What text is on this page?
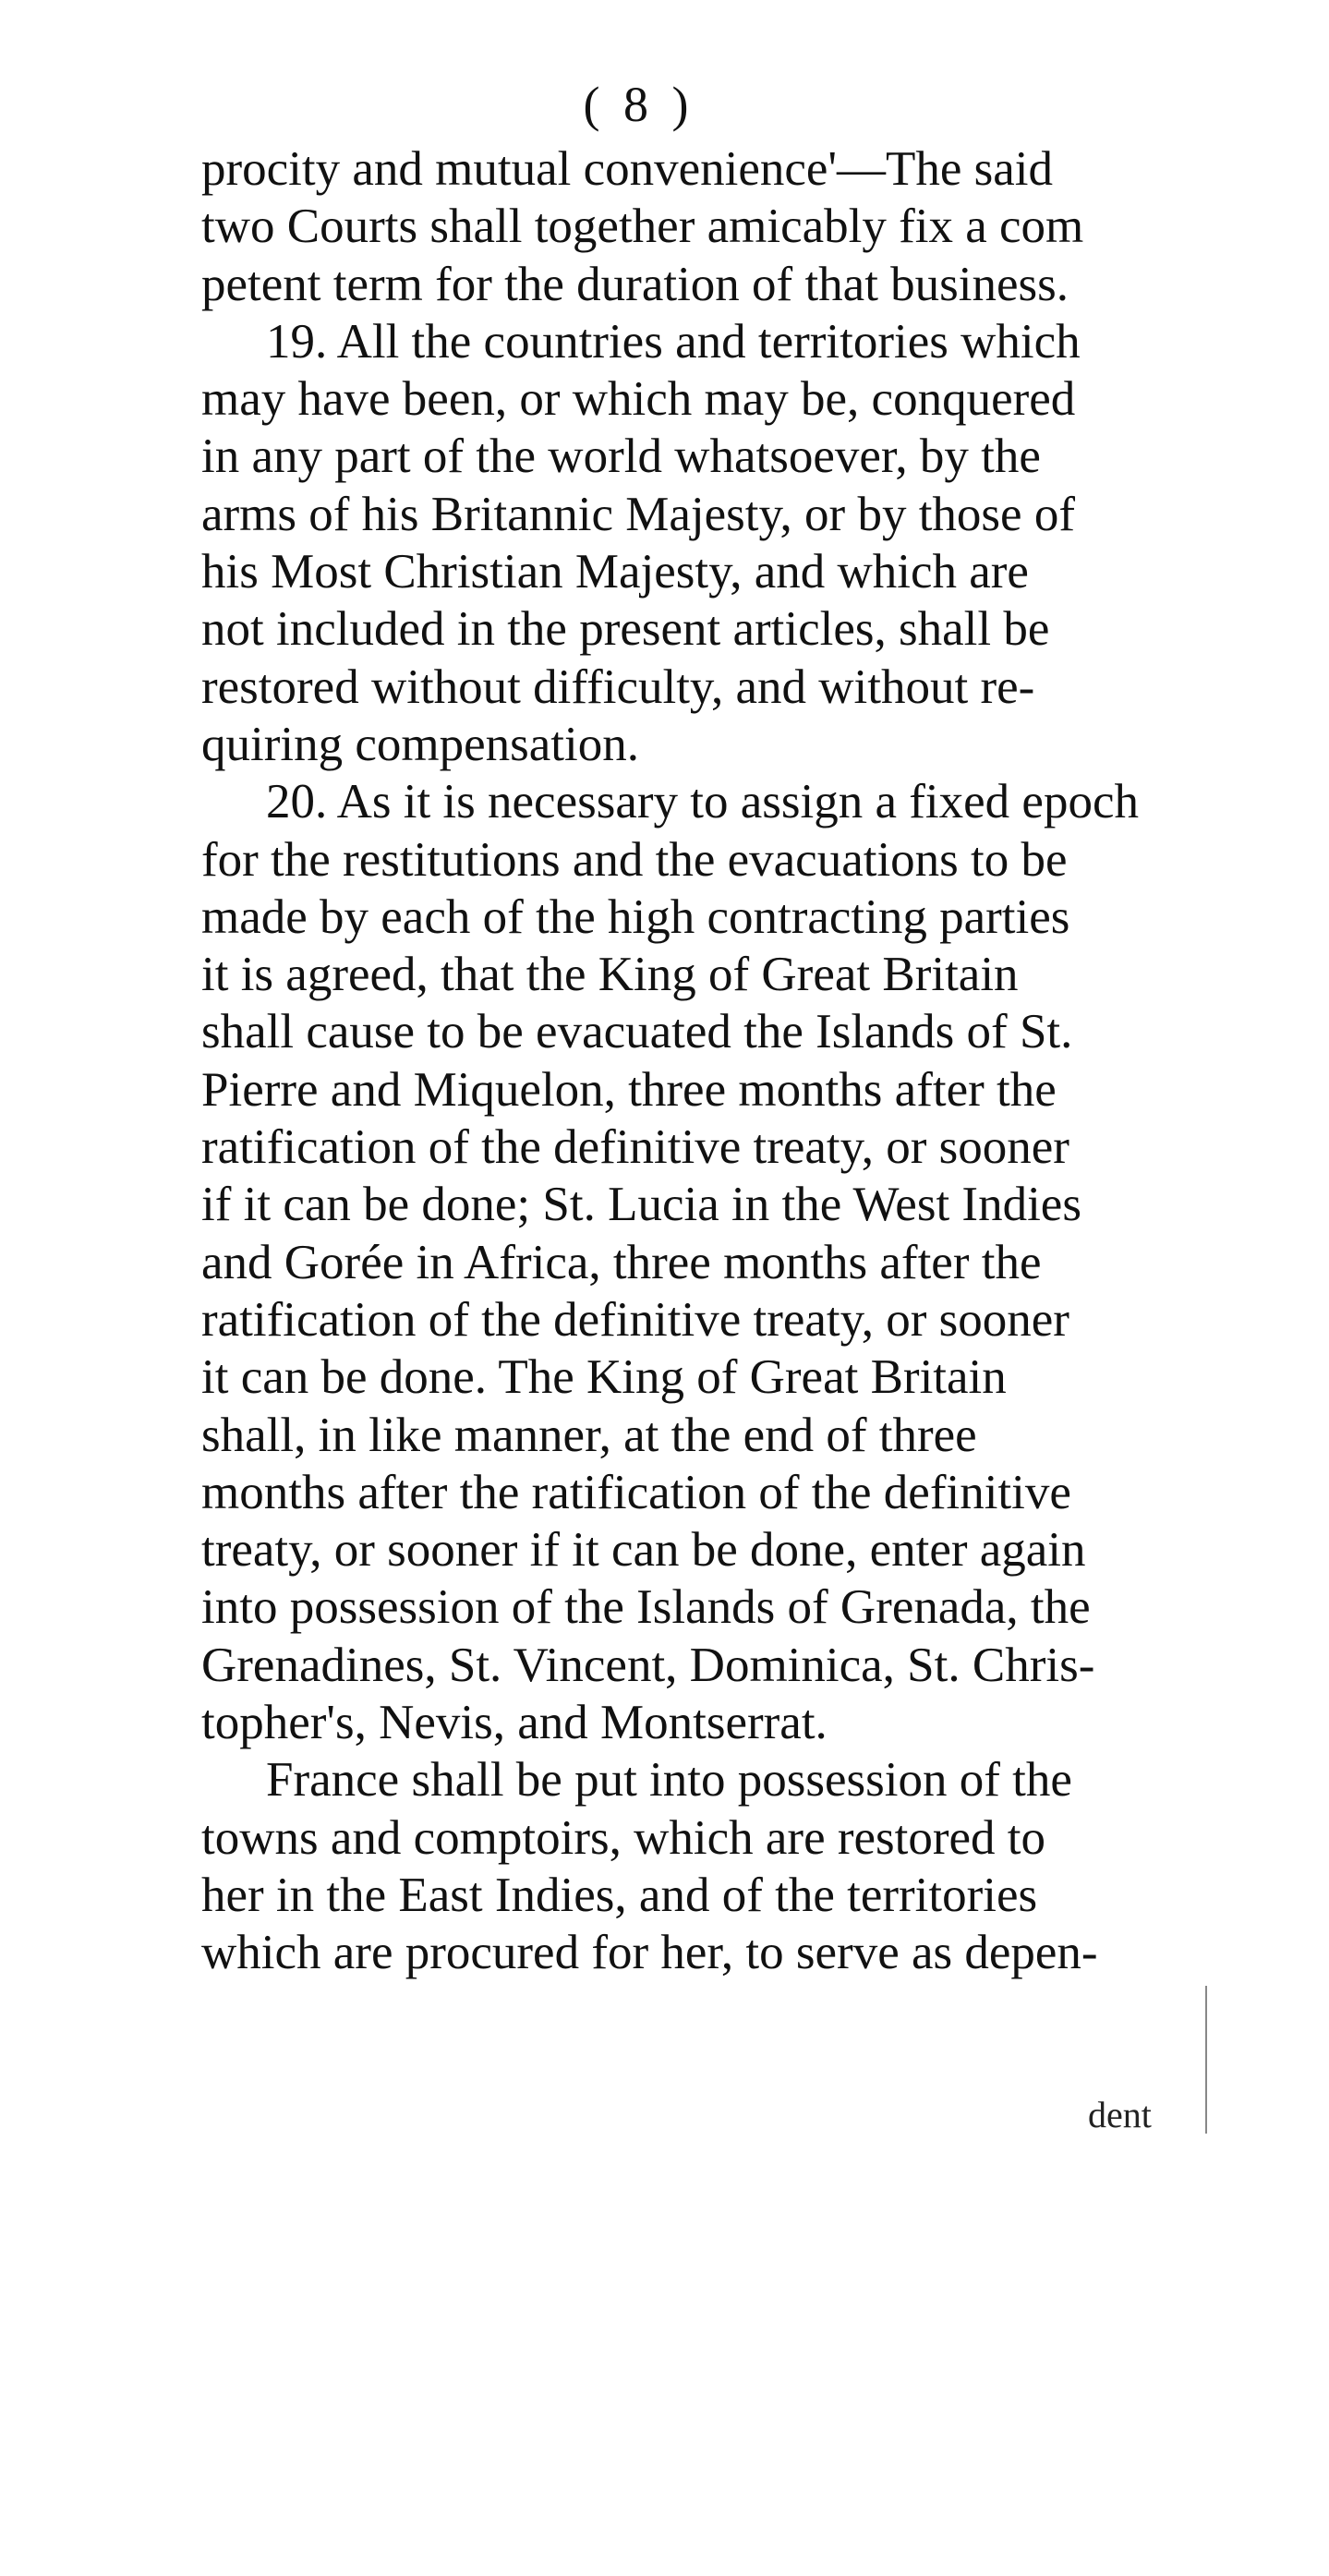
( 8 )
procity and mutual convenience'—The said
two Courts shall together amicably fix a com
petent term for the duration of that business.
19. All the countries and territories which
may have been, or which may be, conquered
in any part of the world whatsoever, by the
arms of his Britannic Majesty, or by those of
his Most Christian Majesty, and which are
not included in the present articles, shall be
restored without difficulty, and without re-
quiring compensation.
20. As it is necessary to assign a fixed epoch
for the restitutions and the evacuations to be
made by each of the high contracting parties
it is agreed, that the King of Great Britain
shall cause to be evacuated the Islands of St.
Pierre and Miquelon, three months after the
ratification of the definitive treaty, or sooner
if it can be done; St. Lucia in the West Indies
and Gorée in Africa, three months after the
ratification of the definitive treaty, or sooner
it can be done. The King of Great Britain
shall, in like manner, at the end of three
months after the ratification of the definitive
treaty, or sooner if it can be done, enter again
into possession of the Islands of Grenada, the
Grenadines, St. Vincent, Dominica, St. Chris-
topher's, Nevis, and Montserrat.
France shall be put into possession of the
towns and comptoirs, which are restored to
her in the East Indies, and of the territories
which are procured for her, to serve as depen-
dent
